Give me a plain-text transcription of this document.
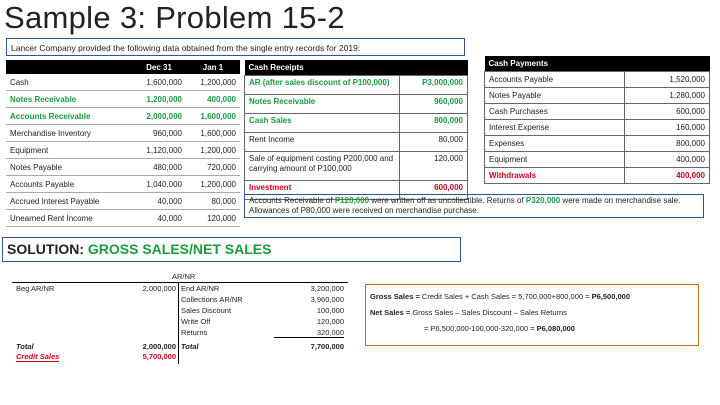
Sample 3: Problem 15-2
Lancer Company provided the following data obtained from the single entry records for 2019:
	Dec 31	Jan 1
Cash	1,600,000	1,200,000
Notes Receivable	1,200,000	400,000
Accounts Receivable	2,000,000	1,600,000
Merchandise Inventory	960,000	1,600,000
Equipment	1,120,000	1,200,000
Notes Payable	480,000	720,000
Accounts Payable	1,040,000	1,200,000
Accrued Interest Payable	40,000	80,000
Unearned Rent Income	40,000	120,000
Cash Receipts	
AR (after sales discount of P100,000)	P3,000,000
Notes Receivable	960,000
Cash Sales	800,000
Rent Income	80,000
Sale of equipment costing P200,000 and carrying amount of P100,000	120,000
Investment	600,000
Cash Payments	
Accounts Payable	1,520,000
Notes Payable	1,280,000
Cash Purchases	600,000
Interest Expense	160,000
Expenses	800,000
Equipment	400,000
Withdrawals	400,000
Accounts Receivable of P120,000 were written off as uncollectible. Returns of P320,000 were made on merchandise sale. Allowances of P80,000 were received on merchandise purchase.
SOLUTION: GROSS SALES/NET SALES
AR/NR
Beg AR/NR	2,000,000 End AR/NR	3,200,000
Collections AR/NR	3,960,000
Sales Discount	100,000
Write Off	120,000
Returns	320,000
Total	2,000,000 Total	7,700,000
Credit Sales	5,700,000
Gross Sales = Credit Sales + Cash Sales = 5,700,000+800,000 = P6,500,000
Net Sales = Gross Sales – Sales Discount – Sales Returns
= P6,500,000-100,000-320,000 = P6,080,000
